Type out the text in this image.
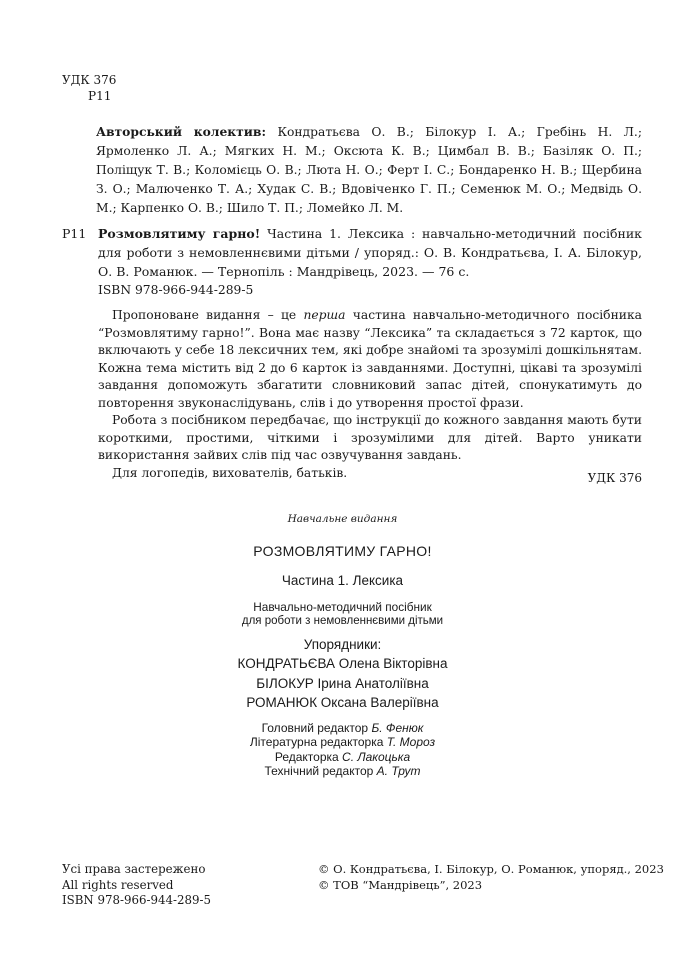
УДК 376
Р11
Авторський колектив: Кондратьєва О. В.; Білокур І. А.; Гребінь Н. Л.; Ярмоленко Л. А.; Мягких Н. М.; Оксюта К. В.; Цимбал В. В.; Базіляк О. П.; Поліщук Т. В.; Коломієць О. В.; Люта Н. О.; Ферт І. С.; Бондаренко Н. В.; Щербина З. О.; Малюченко Т. А.; Худак С. В.; Вдовіченко Г. П.; Семенюк М. О.; Медвідь О. М.; Карпенко О. В.; Шило Т. П.; Ломейко Л. М.
Р11 Розмовлятиму гарно! Частина 1. Лексика : навчально-методичний посібник для роботи з немовленнєвими дітьми / упоряд.: О. В. Кондратьєва, І. А. Білокур, О. В. Романюк. — Тернопіль : Мандрівець, 2023. — 76 с.
ISBN 978-966-944-289-5

Пропоноване видання – це перша частина навчально-методичного посібника “Розмовлятиму гарно!”. Вона має назву “Лексика” та складається з 72 карток, що включають у себе 18 лексичних тем, які добре знайомі та зрозумілі дошкільнятам. Кожна тема містить від 2 до 6 карток із завданнями. Доступні, цікаві та зрозумілі завдання допоможуть збагатити словниковий запас дітей, спонукатимуть до повторення звуконаслідувань, слів і до утворення простої фрази.

Робота з посібником передбачає, що інструкції до кожного завдання мають бути короткими, простими, чіткими і зрозумілими для дітей. Варто уникати використання зайвих слів під час озвучування завдань.

Для логопедів, вихователів, батьків.	УДК 376
Навчальне видання
РОЗМОВЛЯТИМУ ГАРНО!
Частина 1. Лексика
Навчально-методичний посібник
для роботи з немовленнєвими дітьми
Упорядники:
КОНДРАТЬЄВА Олена Вікторівна
БІЛОКУР Ірина Анатоліївна
РОМАНЮК Оксана Валеріївна
Головний редактор Б. Фенюк
Літературна редакторка Т. Мороз
Редакторка С. Лакоцька
Технічний редактор А. Трут
Усі права застережено
All rights reserved
ISBN 978-966-944-289-5
© О. Кондратьєва, І. Білокур, О. Романюк, упоряд., 2023
© ТОВ “Мандрівець”, 2023
